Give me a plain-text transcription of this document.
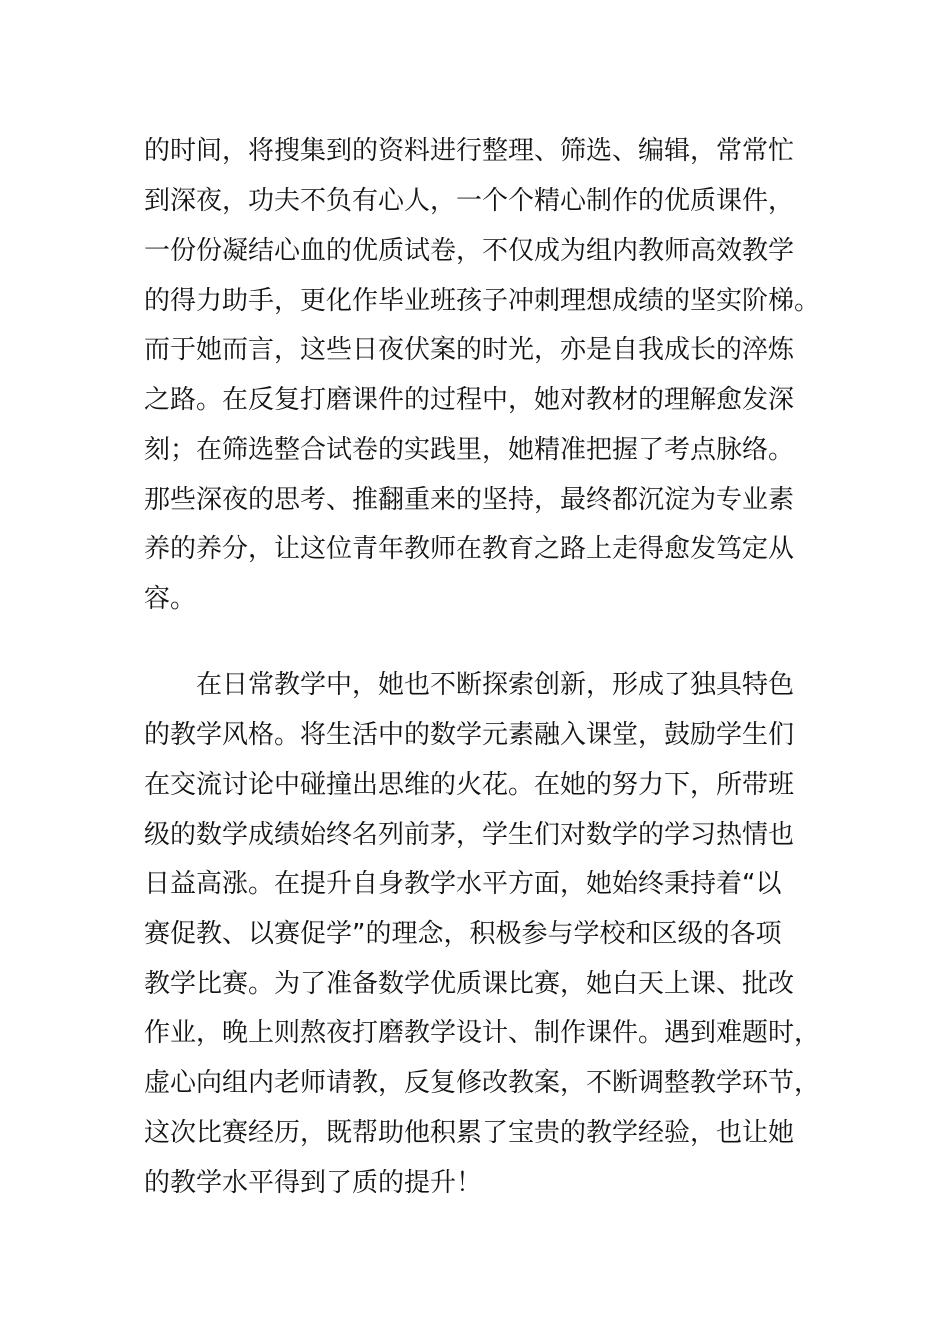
的时间，将搜集到的资料进行整理、筛选、编辑，常常忙
到深夜，功夫不负有心人，一个个精心制作的优质课件，
一份份凝结心血的优质试卷，不仅成为组内教师高效教学
的得力助手，更化作毕业班孩子冲刺理想成绩的坚实阶梯。
而于她而言，这些日夜伏案的时光，亦是自我成长的淬炼
之路。在反复打磨课件的过程中，她对教材的理解愈发深
刻；在筛选整合试卷的实践里，她精准把握了考点脉络。
那些深夜的思考、推翻重来的坚持，最终都沉淀为专业素
养的养分，让这位青年教师在教育之路上走得愈发笃定从
容。
在日常教学中，她也不断探索创新，形成了独具特色
的教学风格。将生活中的数学元素融入课堂，鼓励学生们
在交流讨论中碰撞出思维的火花。在她的努力下，所带班
级的数学成绩始终名列前茅，学生们对数学的学习热情也
日益高涨。在提升自身教学水平方面，她始终秉持着“以
赛促教、以赛促学”的理念，积极参与学校和区级的各项
教学比赛。为了准备数学优质课比赛，她白天上课、批改
作业，晚上则熬夜打磨教学设计、制作课件。遇到难题时，
虚心向组内老师请教，反复修改教案，不断调整教学环节，
这次比赛经历，既帮助他积累了宝贵的教学经验，也让她
的教学水平得到了质的提升！
